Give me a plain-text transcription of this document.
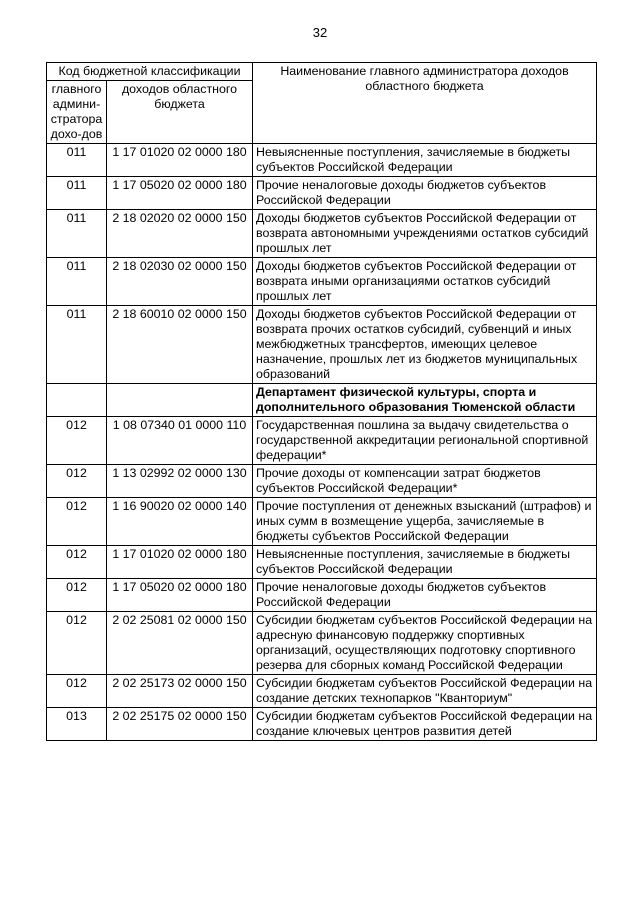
32
Код бюджетной классификации		Наименование главного администратора доходов областного бюджета
главного админи-стратора дохо-дов	доходов областного бюджета	
011	1 17 01020 02 0000 180	Невыясненные поступления, зачисляемые в бюджеты субъектов Российской Федерации
011	1 17 05020 02 0000 180	Прочие неналоговые доходы бюджетов субъектов Российской Федерации
011	2 18 02020 02 0000 150	Доходы бюджетов субъектов Российской Федерации от возврата автономными учреждениями остатков субсидий прошлых лет
011	2 18 02030 02 0000 150	Доходы бюджетов субъектов Российской Федерации от возврата иными организациями остатков субсидий прошлых лет
011	2 18 60010 02 0000 150	Доходы бюджетов субъектов Российской Федерации от возврата прочих остатков субсидий, субвенций и иных межбюджетных трансфертов, имеющих целевое назначение, прошлых лет из бюджетов муниципальных образований
		Департамент физической культуры, спорта и дополнительного образования Тюменской области
012	1 08 07340 01 0000 110	Государственная пошлина за выдачу свидетельства о государственной аккредитации региональной спортивной федерации*
012	1 13 02992 02 0000 130	Прочие доходы от компенсации затрат бюджетов субъектов Российской Федерации*
012	1 16 90020 02 0000 140	Прочие поступления от денежных взысканий (штрафов) и иных сумм в возмещение ущерба, зачисляемые в бюджеты субъектов Российской Федерации
012	1 17 01020 02 0000 180	Невыясненные поступления, зачисляемые в бюджеты субъектов Российской Федерации
012	1 17 05020 02 0000 180	Прочие неналоговые доходы бюджетов субъектов Российской Федерации
012	2 02 25081 02 0000 150	Субсидии бюджетам субъектов Российской Федерации на адресную финансовую поддержку спортивных организаций, осуществляющих подготовку спортивного резерва для сборных команд Российской Федерации
012	2 02 25173 02 0000 150	Субсидии бюджетам субъектов Российской Федерации на создание детских технопарков "Кванториум"
013	2 02 25175 02 0000 150	Субсидии бюджетам субъектов Российской Федерации на создание ключевых центров развития детей
